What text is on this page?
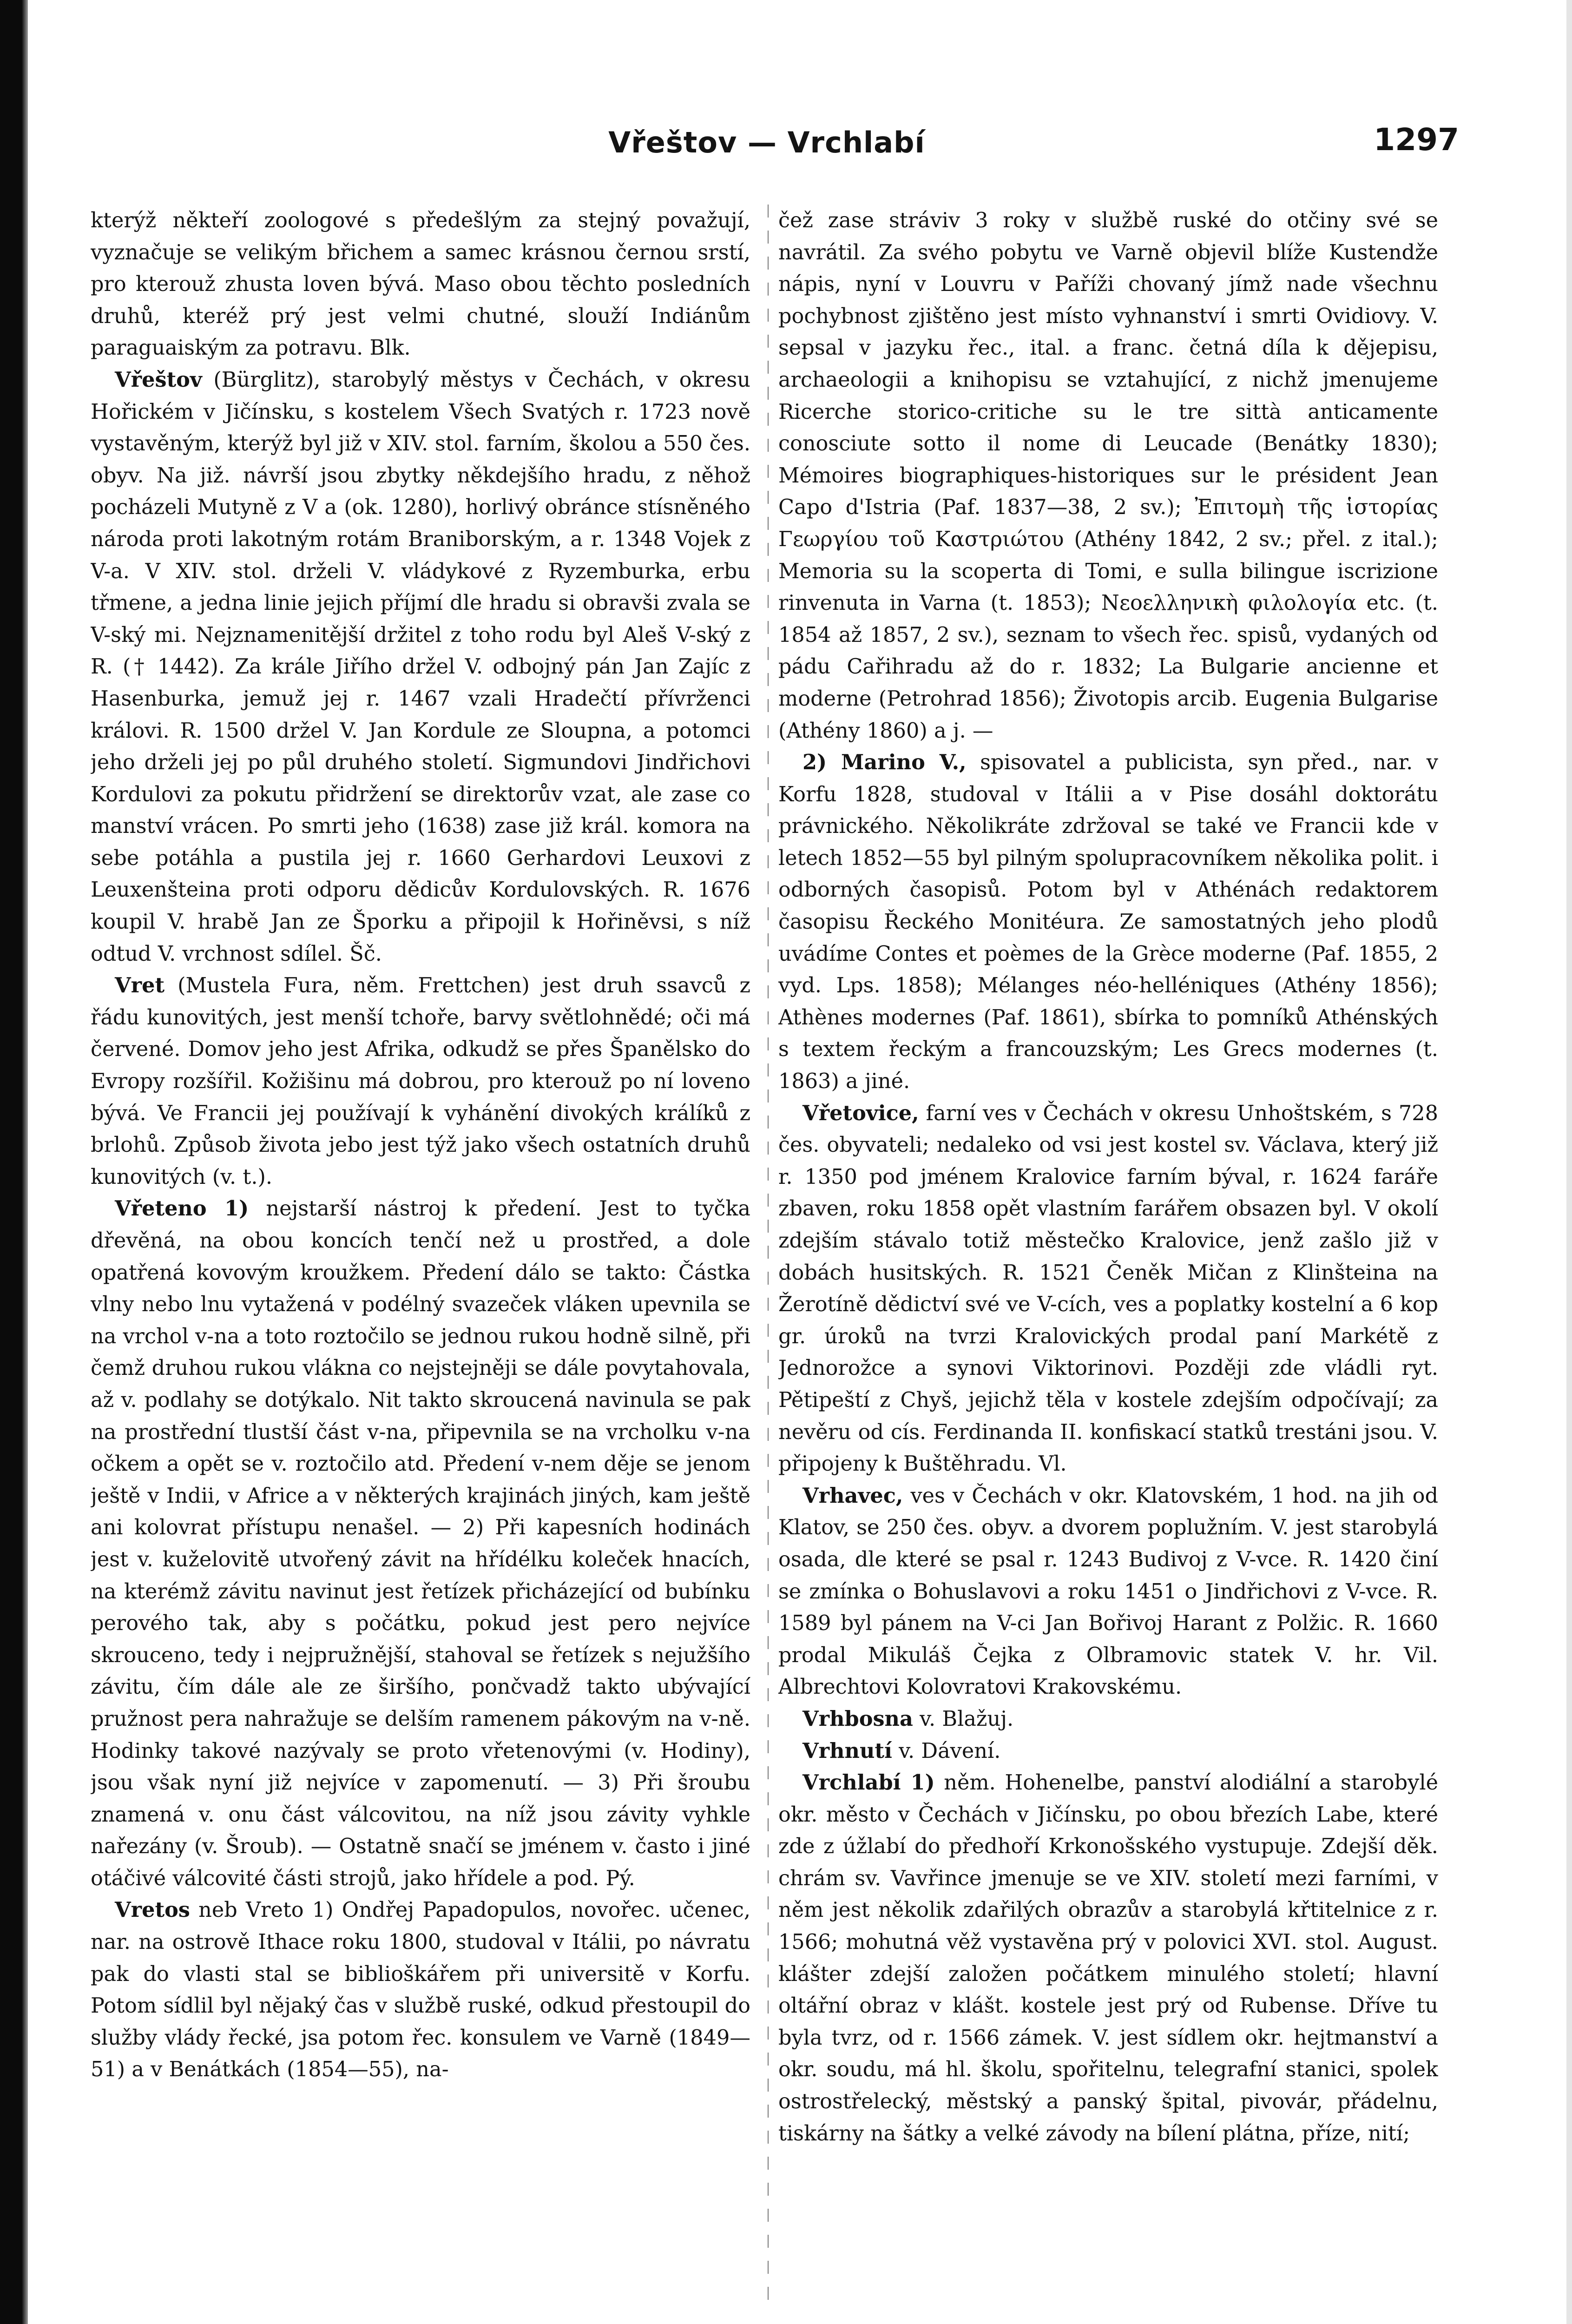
Vřeštov — Vrchlabí	1297

kterýž někteří zoologové s předešlým za stejný považují, vyznačuje se velikým břichem a samec krásnou černou srstí, pro kterouž zhusta loven bývá. Maso obou těchto posledních druhů, kteréž prý jest velmi chutné, slouží Indiánům paraguaiským za potravu. Blk.

Vřeštov (Bürglitz), starobylý městys v Čechách, v okresu Hořickém v Jičínsku, s kostelem Všech Svatých r. 1723 nově vystavěným, kterýž byl již v XIV. stol. farním, školou a 550 čes. obyv. Na již. návrší jsou zbytky někdejšího hradu, z něhož pocházeli Mutyně z V a (ok. 1280), horlivý obránce stísněného národa proti lakotným rotám Braniborským, a r. 1348 Vojek z V-a. V XIV. stol. drželi V. vládykové z Ryzemburka, erbu třmene, a jedna linie jejich příjmí dle hradu si obravši zvala se V-ský mi. Nejznamenitější držitel z toho rodu byl Aleš V-ský z R. († 1442). Za krále Jiřího držel V. odbojný pán Jan Zajíc z Hasenburka, jemuž jej r. 1467 vzali Hradečtí přívrženci královi. R. 1500 držel V. Jan Kordule ze Sloupna, a potomci jeho drželi jej po půl druhého století. Sigmundovi Jindřichovi Kordulovi za pokutu přidržení se direktorův vzat, ale zase co manství vrácen. Po smrti jeho (1638) zase již král. komora na sebe potáhla a pustila jej r. 1660 Gerhardovi Leuxovi z Leuxenšteina proti odporu dědicův Kordulovských. R. 1676 koupil V. hrabě Jan ze Šporku a připojil k Hořiněvsi, s níž odtud V. vrchnost sdílel. Šč.

Vret (Mustela Fura, něm. Frettchen) jest druh ssavců z řádu kunovitých, jest menší tchoře, barvy světlohnědé; oči má červené. Domov jeho jest Afrika, odkudž se přes Španělsko do Evropy rozšířil. Kožišinu má dobrou, pro kterouž po ní loveno bývá. Ve Francii jej používají k vyhánění divokých králíků z brlohů. Způsob života jebo jest týž jako všech ostatních druhů kunovitých (v. t.).

Vřeteno 1) nejstarší nástroj k předení. Jest to tyčka dřevěná, na obou koncích tenčí než u prostřed, a dole opatřená kovovým kroužkem. Předení dálo se takto: Částka vlny nebo lnu vytažená v podélný svazeček vláken upevnila se na vrchol v-na a toto roztočilo se jednou rukou hodně silně, při čemž druhou rukou vlákna co nejstejněji se dále povytahovala, až v. podlahy se dotýkalo. Nit takto skroucená navinula se pak na prostřední tlustší část v-na, připevnila se na vrcholku v-na očkem a opět se v. roztočilo atd. Předení v-nem děje se jenom ještě v Indii, v Africe a v některých krajinách jiných, kam ještě ani kolovrat přístupu nenašel. — 2) Při kapesních hodinách jest v. kuželovitě utvořený závit na hřídélku koleček hnacích, na kterémž závitu navinut jest řetízek přicházející od bubínku perového tak, aby s počátku, pokud jest pero nejvíce skrouceno, tedy i nejpružnější, stahoval se řetízek s nejužšího závitu, čím dále ale ze širšího, pončvadž takto ubývající pružnost pera nahražuje se delším ramenem pákovým na v-ně. Hodinky takové nazývaly se proto vřetenovými (v. Hodiny), jsou však nyní již nejvíce v zapomenutí. — 3) Při šroubu znamená v. onu část válcovitou, na níž jsou závity vyhkle nařezány (v. Šroub). — Ostatně snačí se jménem v. často i jiné otáčivé válcovité části strojů, jako hřídele a pod. Pý.

Vretos neb Vreto 1) Ondřej Papadopulos, novořec. učenec, nar. na ostrově Ithace roku 1800, studoval v Itálii, po návratu pak do vlasti stal se biblioškářem při universitě v Korfu. Potom sídlil byl nějaký čas v službě ruské, odkud přestoupil do služby vlády řecké, jsa potom řec. konsulem ve Varně (1849—51) a v Benátkách (1854—55), na-

čež zase stráviv 3 roky v službě ruské do otčiny své se navrátil. Za svého pobytu ve Varně objevil blíže Kustendže nápis, nyní v Louvru v Paříži chovaný jímž nade všechnu pochybnost zjištěno jest místo vyhnanství i smrti Ovidiovy. V. sepsal v jazyku řec., ital. a franc. četná díla k dějepisu, archaeologii a knihopisu se vztahující, z nichž jmenujeme Ricerche storico-critiche su le tre sittà anticamente conosciute sotto il nome di Leucade (Benátky 1830); Mémoires biographiques-historiques sur le président Jean Capo d'Istria (Paf. 1837—38, 2 sv.); Ἐπιτομὴ τῆς ἱστορίας Γεωργίου τοῦ Καστριώτου (Athény 1842, 2 sv.; přel. z ital.); Memoria su la scoperta di Tomi, e sulla bilingue iscrizione rinvenuta in Varna (t. 1853); Νεοελληνικὴ φιλολογία etc. (t. 1854 až 1857, 2 sv.), seznam to všech řec. spisů, vydaných od pádu Cařihradu až do r. 1832; La Bulgarie ancienne et moderne (Petrohrad 1856); Životopis arcib. Eugenia Bulgarise (Athény 1860) a j. —

2) Marino V., spisovatel a publicista, syn před., nar. v Korfu 1828, studoval v Itálii a v Pise dosáhl doktorátu právnického. Několikráte zdržoval se také ve Francii kde v letech 1852—55 byl pilným spolupracovníkem několika polit. i odborných časopisů. Potom byl v Athénách redaktorem časopisu Řeckého Monitéura. Ze samostatných jeho plodů uvádíme Contes et poèmes de la Grèce moderne (Paf. 1855, 2 vyd. Lps. 1858); Mélanges néo-helléniques (Athény 1856); Athènes modernes (Paf. 1861), sbírka to pomníků Athénských s textem řeckým a francouzským; Les Grecs modernes (t. 1863) a jiné.

Vřetovice, farní ves v Čechách v okresu Unhoštském, s 728 čes. obyvateli; nedaleko od vsi jest kostel sv. Václava, který již r. 1350 pod jménem Kralovice farním býval, r. 1624 faráře zbaven, roku 1858 opět vlastním farářem obsazen byl. V okolí zdejším stávalo totiž městečko Kralovice, jenž zašlo již v dobách husitských. R. 1521 Čeněk Mičan z Klinšteina na Žerotíně dědictví své ve V-cích, ves a poplatky kostelní a 6 kop gr. úroků na tvrzi Kralovických prodal paní Markétě z Jednorožce a synovi Viktorinovi. Později zde vládli ryt. Pětipeští z Chyš, jejichž těla v kostele zdejším odpočívají; za nevěru od cís. Ferdinanda II. konfiskací statků trestáni jsou. V. připojeny k Buštěhradu. Vl.

Vrhavec, ves v Čechách v okr. Klatovském, 1 hod. na jih od Klatov, se 250 čes. obyv. a dvorem poplužním. V. jest starobylá osada, dle které se psal r. 1243 Budivoj z V-vce. R. 1420 činí se zmínka o Bohuslavovi a roku 1451 o Jindřichovi z V-vce. R. 1589 byl pánem na V-ci Jan Bořivoj Harant z Polžic. R. 1660 prodal Mikuláš Čejka z Olbramovic statek V. hr. Vil. Albrechtovi Kolovratovi Krakovskému.

Vrhbosna v. Blažuj.

Vrhnutí v. Dávení.

Vrchlabí 1) něm. Hohenelbe, panství alodiální a starobylé okr. město v Čechách v Jičínsku, po obou březích Labe, které zde z úžlabí do předhoří Krkonošského vystupuje. Zdejší děk. chrám sv. Vavřince jmenuje se ve XIV. století mezi farními, v něm jest několik zdařilých obrazův a starobylá křtitelnice z r. 1566; mohutná věž vystavěna prý v polovici XVI. stol. August. klášter zdejší založen počátkem minulého století; hlavní oltářní obraz v klášt. kostele jest prý od Rubense. Dříve tu byla tvrz, od r. 1566 zámek. V. jest sídlem okr. hejtmanství a okr. soudu, má hl. školu, spořitelnu, telegrafní stanici, spolek ostrostřelecký, městský a panský špital, pivovár, přádelnu, tiskárny na šátky a velké závody na bílení plátna, příze, nití;
